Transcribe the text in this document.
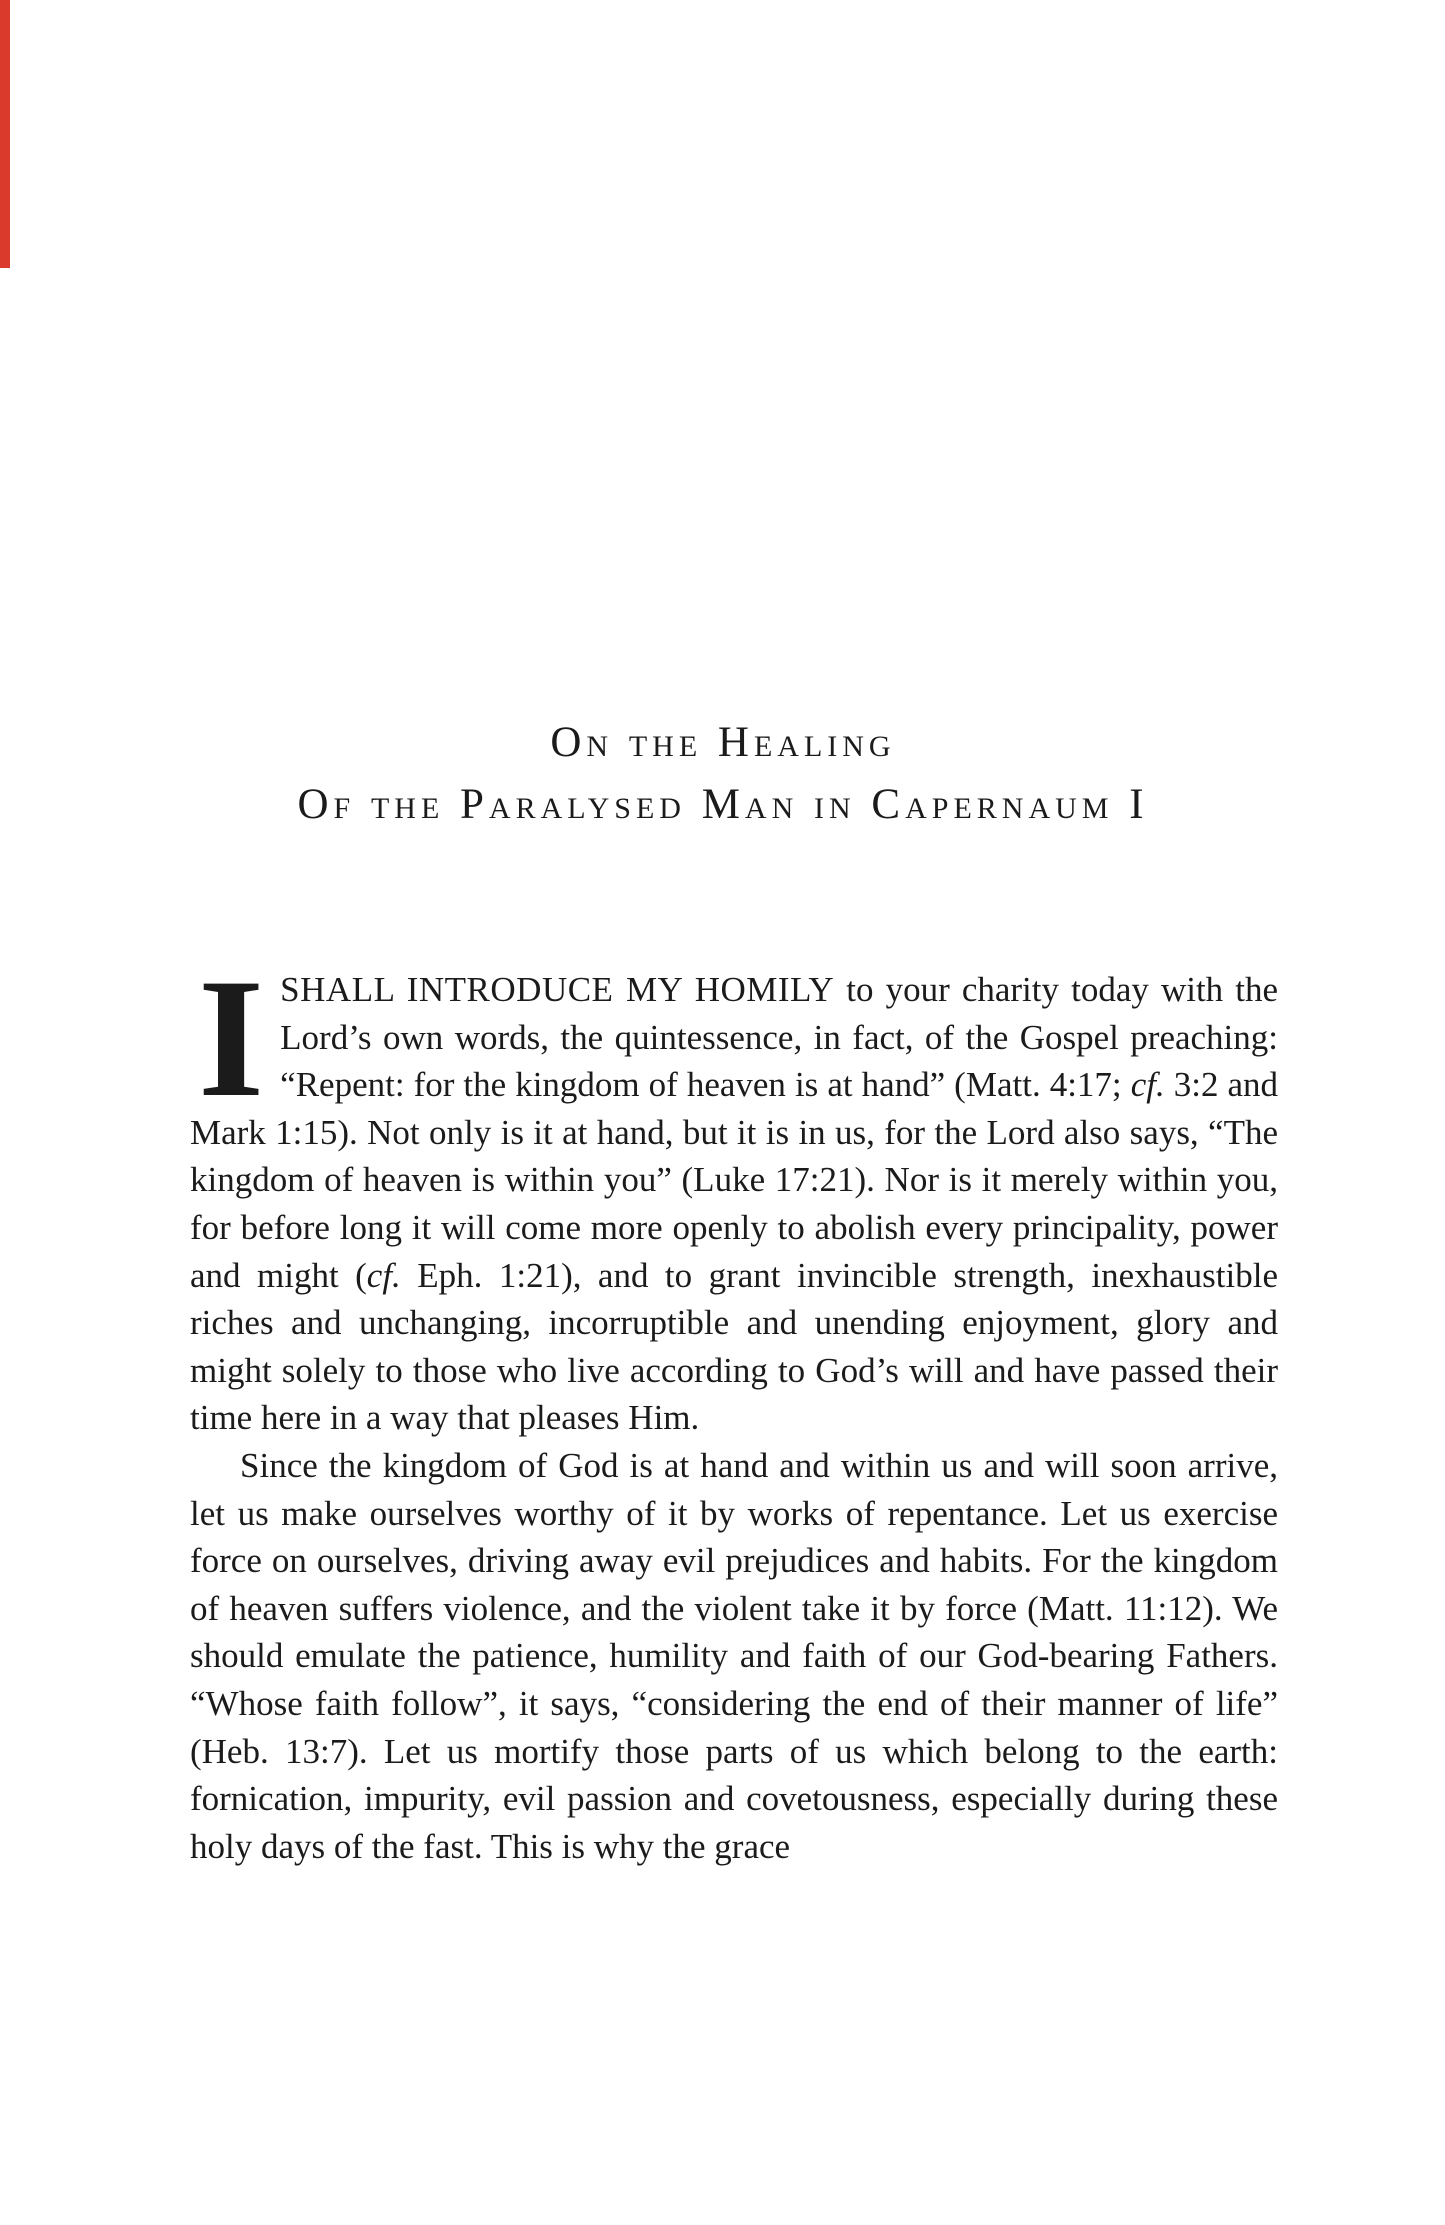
On the Healing
Of the Paralysed Man in Capernaum I

ISHALL INTRODUCE MY HOMILY to your charity today with the Lord’s own words, the quintessence, in fact, of the Gospel preaching: “Repent: for the kingdom of heaven is at hand” (Matt. 4:17; cf. 3:2 and Mark 1:15). Not only is it at hand, but it is in us, for the Lord also says, “The kingdom of heaven is within you” (Luke 17:21). Nor is it merely within you, for before long it will come more openly to abolish every principality, power and might (cf. Eph. 1:21), and to grant invincible strength, inexhaustible riches and unchanging, incorruptible and unending enjoyment, glory and might solely to those who live according to God’s will and have passed their time here in a way that pleases Him.

Since the kingdom of God is at hand and within us and will soon arrive, let us make ourselves worthy of it by works of repentance. Let us exercise force on ourselves, driving away evil prejudices and habits. For the kingdom of heaven suffers violence, and the violent take it by force (Matt. 11:12). We should emulate the patience, humility and faith of our God-bearing Fathers. “Whose faith follow”, it says, “considering the end of their manner of life” (Heb. 13:7). Let us mortify those parts of us which belong to the earth: fornication, impurity, evil passion and covetousness, especially during these holy days of the fast. This is why the grace
